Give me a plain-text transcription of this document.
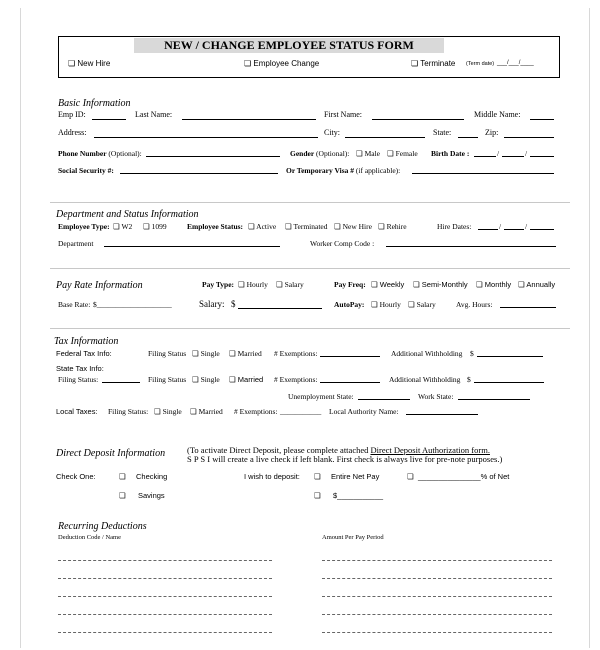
NEW / CHANGE EMPLOYEE STATUS FORM
❏ New Hire	❏ Employee Change	❏ Terminate (Term date) ___/___/____
Basic Information
Emp ID:	Last Name:	First Name:	Middle Name:
Address:	City:	State:	Zip:
Phone Number (Optional):	Gender (Optional): ❏ Male ❏ Female Birth Date :	/	/
Social Security #:	Or Temporary Visa # (if applicable):
Department and Status Information
Employee Type: ❏ W2 ❏ 1099	Employee Status: ❏ Active ❏ Terminated ❏ New Hire ❏ Rehire	Hire Dates:	/	/
Department	Worker Comp Code :
Pay Rate Information	Pay Type: ❏ Hourly ❏ Salary	Pay Freq: ❏ Weekly ❏ Semi-Monthly ❏ Monthly ❏ Annually
Base Rate: $____________________	Salary: $	AutoPay: ❏ Hourly ❏ Salary	Avg. Hours:
Tax Information
Federal Tax Info:	Filing Status ❏ Single ❏ Married # Exemptions:	Additional Withholding $
State Tax Info:
Filing Status:	Filing Status ❏ Single ❏ Married # Exemptions:	Additional Withholding $
Unemployment State:	Work State:
Local Taxes: Filing Status: ❏ Single ❏ Married # Exemptions: ___________ Local Authority Name:
Direct Deposit Information	(To activate Direct Deposit, please complete attached Direct Deposit Authorization form.
S P S I will create a live check if left blank. First check is always live for pre-note purposes.)
Check One:	❏ Checking	I wish to deposit: ❏ Entire Net Pay	❏ _______________% of Net
❏ Savings	❏ $___________
Recurring Deductions
Deduction Code / Name	Amount Per Pay Period
